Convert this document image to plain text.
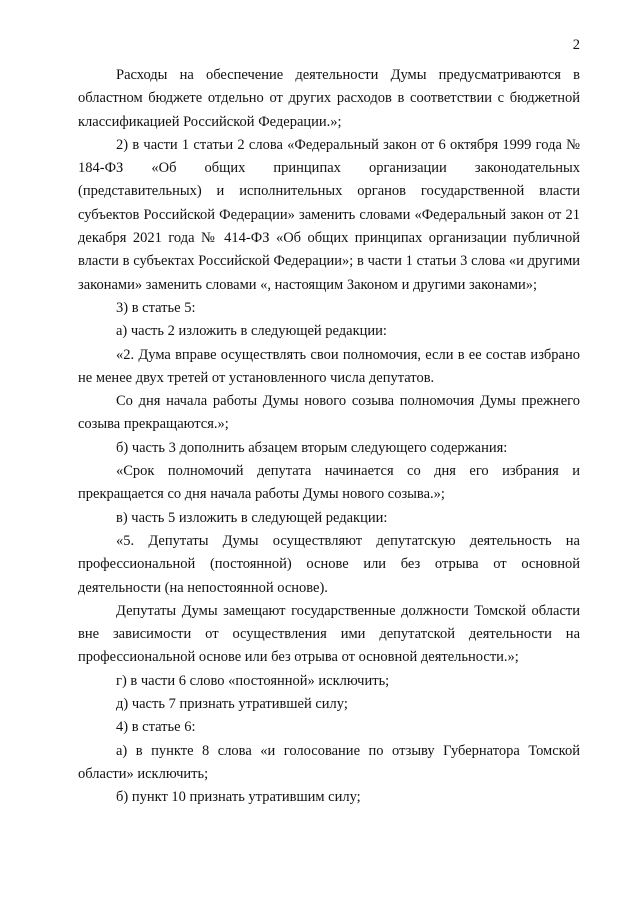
2

Расходы на обеспечение деятельности Думы предусматриваются в областном бюджете отдельно от других расходов в соответствии с бюджетной классификацией Российской Федерации.»;

2) в части 1 статьи 2 слова «Федеральный закон от 6 октября 1999 года № 184-ФЗ «Об общих принципах организации законодательных (представительных) и исполнительных органов государственной власти субъектов Российской Федерации» заменить словами «Федеральный закон от 21 декабря 2021 года № 414-ФЗ «Об общих принципах организации публичной власти в субъектах Российской Федерации»; в части 1 статьи 3 слова «и другими законами» заменить словами «, настоящим Законом и другими законами»;

3) в статье 5:

а) часть 2 изложить в следующей редакции:

«2. Дума вправе осуществлять свои полномочия, если в ее состав избрано не менее двух третей от установленного числа депутатов.

Со дня начала работы Думы нового созыва полномочия Думы прежнего созыва прекращаются.»;

б) часть 3 дополнить абзацем вторым следующего содержания:

«Срок полномочий депутата начинается со дня его избрания и прекращается со дня начала работы Думы нового созыва.»;

в) часть 5 изложить в следующей редакции:

«5. Депутаты Думы осуществляют депутатскую деятельность на профессиональной (постоянной) основе или без отрыва от основной деятельности (на непостоянной основе).

Депутаты Думы замещают государственные должности Томской области вне зависимости от осуществления ими депутатской деятельности на профессиональной основе или без отрыва от основной деятельности.»;

г) в части 6 слово «постоянной» исключить;

д) часть 7 признать утратившей силу;

4) в статье 6:

а) в пункте 8 слова «и голосование по отзыву Губернатора Томской области» исключить;

б) пункт 10 признать утратившим силу;
